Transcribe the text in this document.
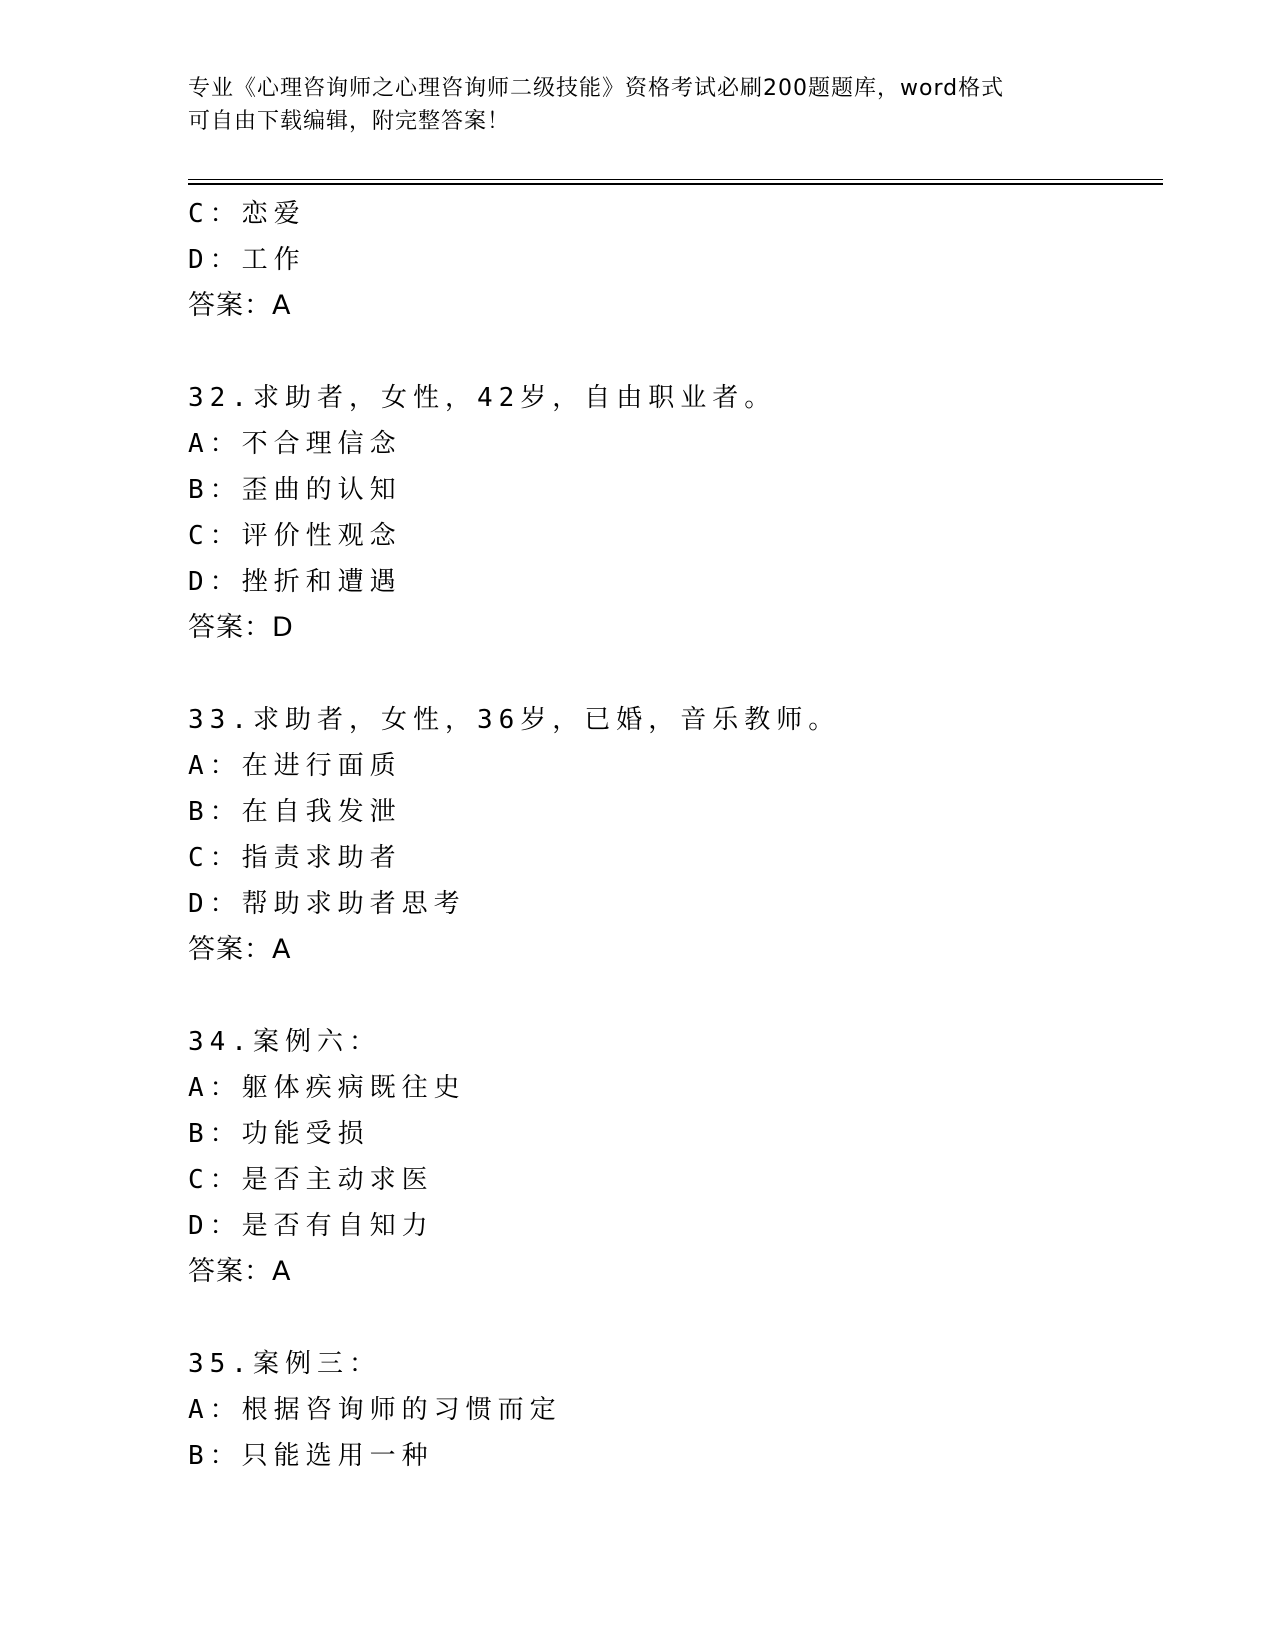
专业《心理咨询师之心理咨询师二级技能》资格考试必刷200题题库，word格式
可自由下载编辑，附完整答案！
C：恋爱
D：工作
答案：A
32.求助者，女性，42岁，自由职业者。
A：不合理信念
B：歪曲的认知
C：评价性观念
D：挫折和遭遇
答案：D
33.求助者，女性，36岁，已婚，音乐教师。
A：在进行面质
B：在自我发泄
C：指责求助者
D：帮助求助者思考
答案：A
34.案例六：
A：躯体疾病既往史
B：功能受损
C：是否主动求医
D：是否有自知力
答案：A
35.案例三：
A：根据咨询师的习惯而定
B：只能选用一种
